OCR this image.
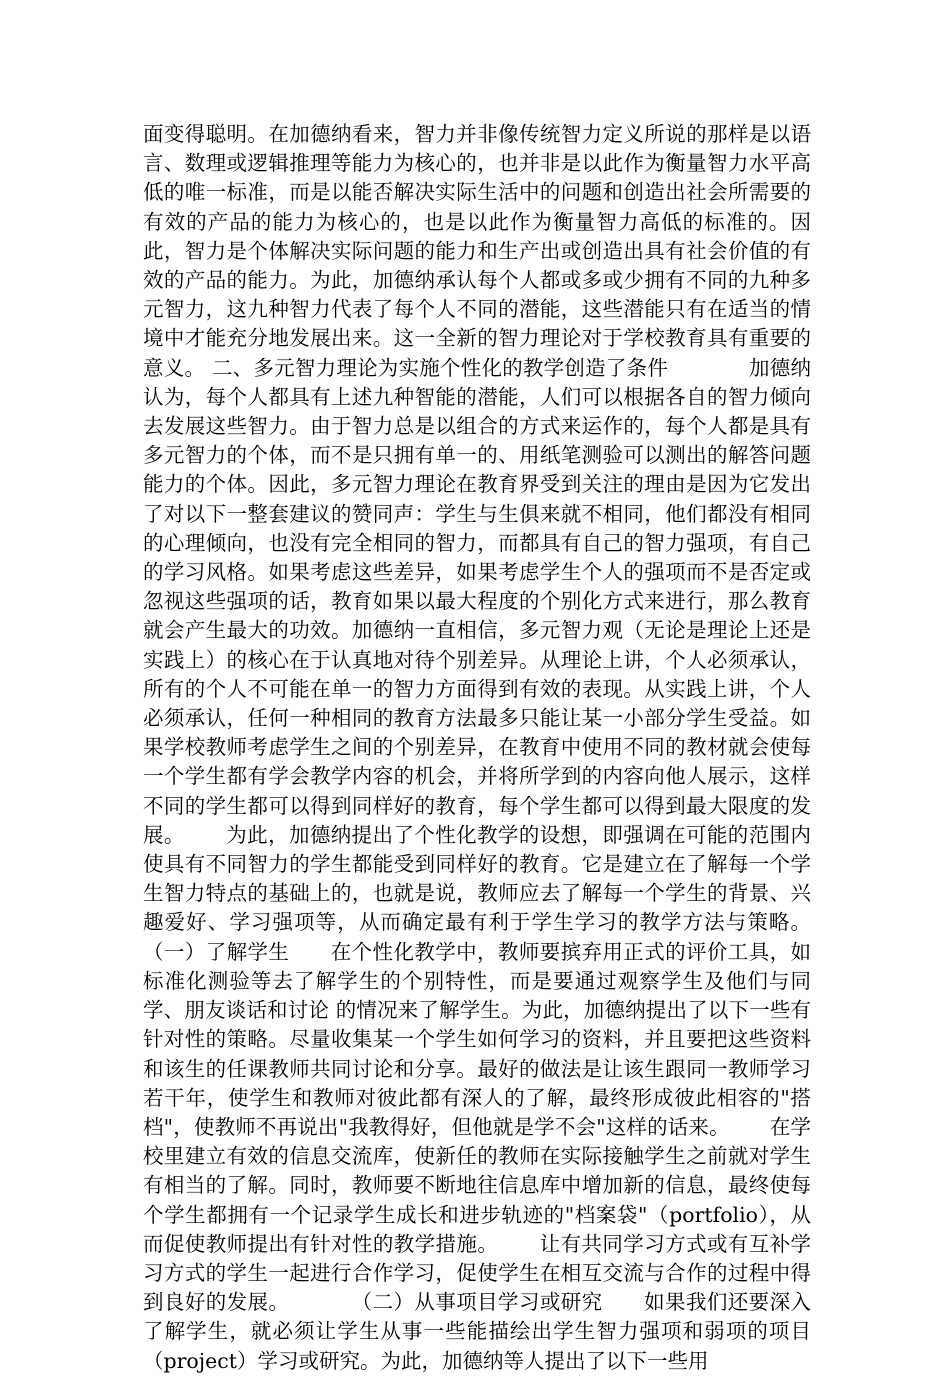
面变得聪明。在加德纳看来，智力并非像传统智力定义所说的那样是以语言、数理或逻辑推理等能力为核心的，也并非是以此作为衡量智力水平高低的唯一标准，而是以能否解决实际生活中的问题和创造出社会所需要的有效的产品的能力为核心的，也是以此作为衡量智力高低的标准的。因此，智力是个体解决实际问题的能力和生产出或创造出具有社会价值的有效的产品的能力。为此，加德纳承认每个人都或多或少拥有不同的九种多元智力，这九种智力代表了每个人不同的潜能，这些潜能只有在适当的情境中才能充分地发展出来。这一全新的智力理论对于学校教育具有重要的意义。 二、多元智力理论为实施个性化的教学创造了条件            加德纳认为，每个人都具有上述九种智能的潜能，人们可以根据各自的智力倾向去发展这些智力。由于智力总是以组合的方式来运作的，每个人都是具有多元智力的个体，而不是只拥有单一的、用纸笔测验可以测出的解答问题能力的个体。因此，多元智力理论在教育界受到关注的理由是因为它发出了对以下一整套建议的赞同声：学生与生俱来就不相同，他们都没有相同的心理倾向，也没有完全相同的智力，而都具有自己的智力强项，有自己的学习风格。如果考虑这些差异，如果考虑学生个人的强项而不是否定或忽视这些强项的话，教育如果以最大程度的个别化方式来进行，那么教育就会产生最大的功效。加德纳一直相信，多元智力观（无论是理论上还是实践上）的核心在于认真地对待个别差异。从理论上讲，个人必须承认，所有的个人不可能在单一的智力方面得到有效的表现。从实践上讲，个人必须承认，任何一种相同的教育方法最多只能让某一小部分学生受益。如果学校教师考虑学生之间的个别差异，在教育中使用不同的教材就会使每一个学生都有学会教学内容的机会，并将所学到的内容向他人展示，这样不同的学生都可以得到同样好的教育，每个学生都可以得到最大限度的发展。      为此，加德纳提出了个性化教学的设想，即强调在可能的范围内使具有不同智力的学生都能受到同样好的教育。它是建立在了解每一个学生智力特点的基础上的，也就是说，教师应去了解每一个学生的背景、兴趣爱好、学习强项等，从而确定最有利于学生学习的教学方法与策略。         （一）了解学生      在个性化教学中，教师要摈弃用正式的评价工具，如标准化测验等去了解学生的个别特性，而是要通过观察学生及他们与同学、朋友谈话和讨论 的情况来了解学生。为此，加德纳提出了以下一些有针对性的策略。尽量收集某一个学生如何学习的资料，并且要把这些资料和该生的任课教师共同讨论和分享。最好的做法是让该生跟同一教师学习若干年，使学生和教师对彼此都有深人的了解，最终形成彼此相容的"搭档"，使教师不再说出"我教得好，但他就是学不会"这样的话来。      在学校里建立有效的信息交流库，使新任的教师在实际接触学生之前就对学生有相当的了解。同时，教师要不断地往信息库中增加新的信息，最终使每个学生都拥有一个记录学生成长和进步轨迹的"档案袋"（portfolio），从而促使教师提出有针对性的教学措施。      让有共同学习方式或有互补学习方式的学生一起进行合作学习，促使学生在相互交流与合作的过程中得到良好的发展。         （二）从事项目学习或研究      如果我们还要深入了解学生，就必须让学生从事一些能描绘出学生智力强项和弱项的项目（project）学习或研究。为此，加德纳等人提出了以下一些用
